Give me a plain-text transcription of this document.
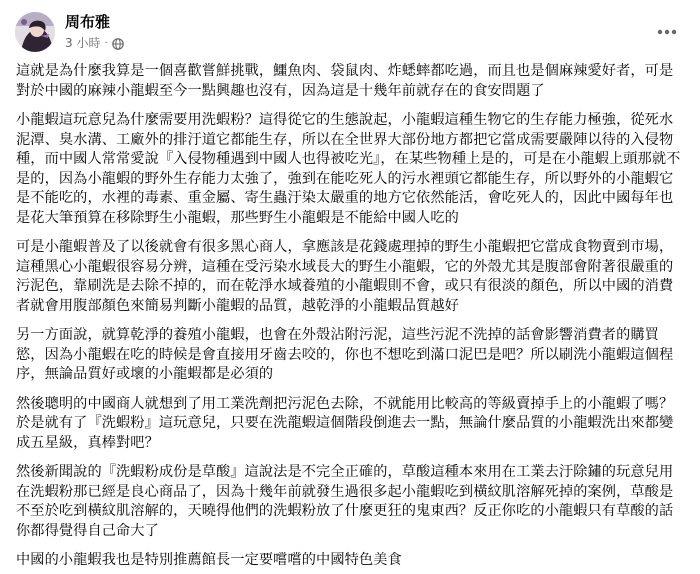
周布雅
3 小時 ·

這就是為什麼我算是一個喜歡嘗鮮挑戰，鱷魚肉、袋鼠肉、炸蟋蟀都吃過，而且也是個麻辣愛好者，可是對於中國的麻辣小龍蝦至今一點興趣也沒有，因為這是十幾年前就存在的食安問題了

小龍蝦這玩意兒為什麼需要用洗蝦粉？這得從它的生態說起，小龍蝦這種生物它的生存能力極強，從死水泥潭、臭水溝、工廠外的排汙道它都能生存，所以在全世界大部份地方都把它當成需要嚴陣以待的入侵物種，而中國人常常愛說『入侵物種遇到中國人也得被吃光』，在某些物種上是的，可是在小龍蝦上頭那就不是的，因為小龍蝦的野外生存能力太強了，強到在能吃死人的污水裡頭它都能生存，所以野外的小龍蝦它是不能吃的，水裡的毒素、重金屬、寄生蟲汙染太嚴重的地方它依然能活，會吃死人的，因此中國每年也是花大筆預算在移除野生小龍蝦，那些野生小龍蝦是不能給中國人吃的

可是小龍蝦普及了以後就會有很多黑心商人，拿應該是花錢處理掉的野生小龍蝦把它當成食物賣到市場，這種黑心小龍蝦很容易分辨，這種在受污染水域長大的野生小龍蝦，它的外殼尤其是腹部會附著很嚴重的污泥色，靠刷洗是去除不掉的，而在乾淨水域養殖的小龍蝦則不會，或只有很淡的顏色，所以中國的消費者就會用腹部顏色來簡易判斷小龍蝦的品質，越乾淨的小龍蝦品質越好

另一方面說，就算乾淨的養殖小龍蝦，也會在外殼沾附污泥，這些污泥不洗掉的話會影響消費者的購買慾，因為小龍蝦在吃的時候是會直接用牙齒去咬的，你也不想吃到滿口泥巴是吧？所以刷洗小龍蝦這個程序，無論品質好或壞的小龍蝦都是必須的

然後聰明的中國商人就想到了用工業洗劑把污泥色去除，不就能用比較高的等級賣掉手上的小龍蝦了嗎？於是就有了『洗蝦粉』這玩意兒，只要在洗龍蝦這個階段倒進去一點，無論什麼品質的小龍蝦洗出來都變成五星級，真棒對吧？

然後新聞說的『洗蝦粉成份是草酸』這說法是不完全正確的，草酸這種本來用在工業去汙除鏽的玩意兒用在洗蝦粉那已經是良心商品了，因為十幾年前就發生過很多起小龍蝦吃到橫紋肌溶解死掉的案例，草酸是不至於吃到橫紋肌溶解的，天曉得他們的洗蝦粉放了什麼更狂的鬼東西？反正你吃的小龍蝦只有草酸的話你都得覺得自己命大了

中國的小龍蝦我也是特別推薦館長一定要嚐嚐的中國特色美食
